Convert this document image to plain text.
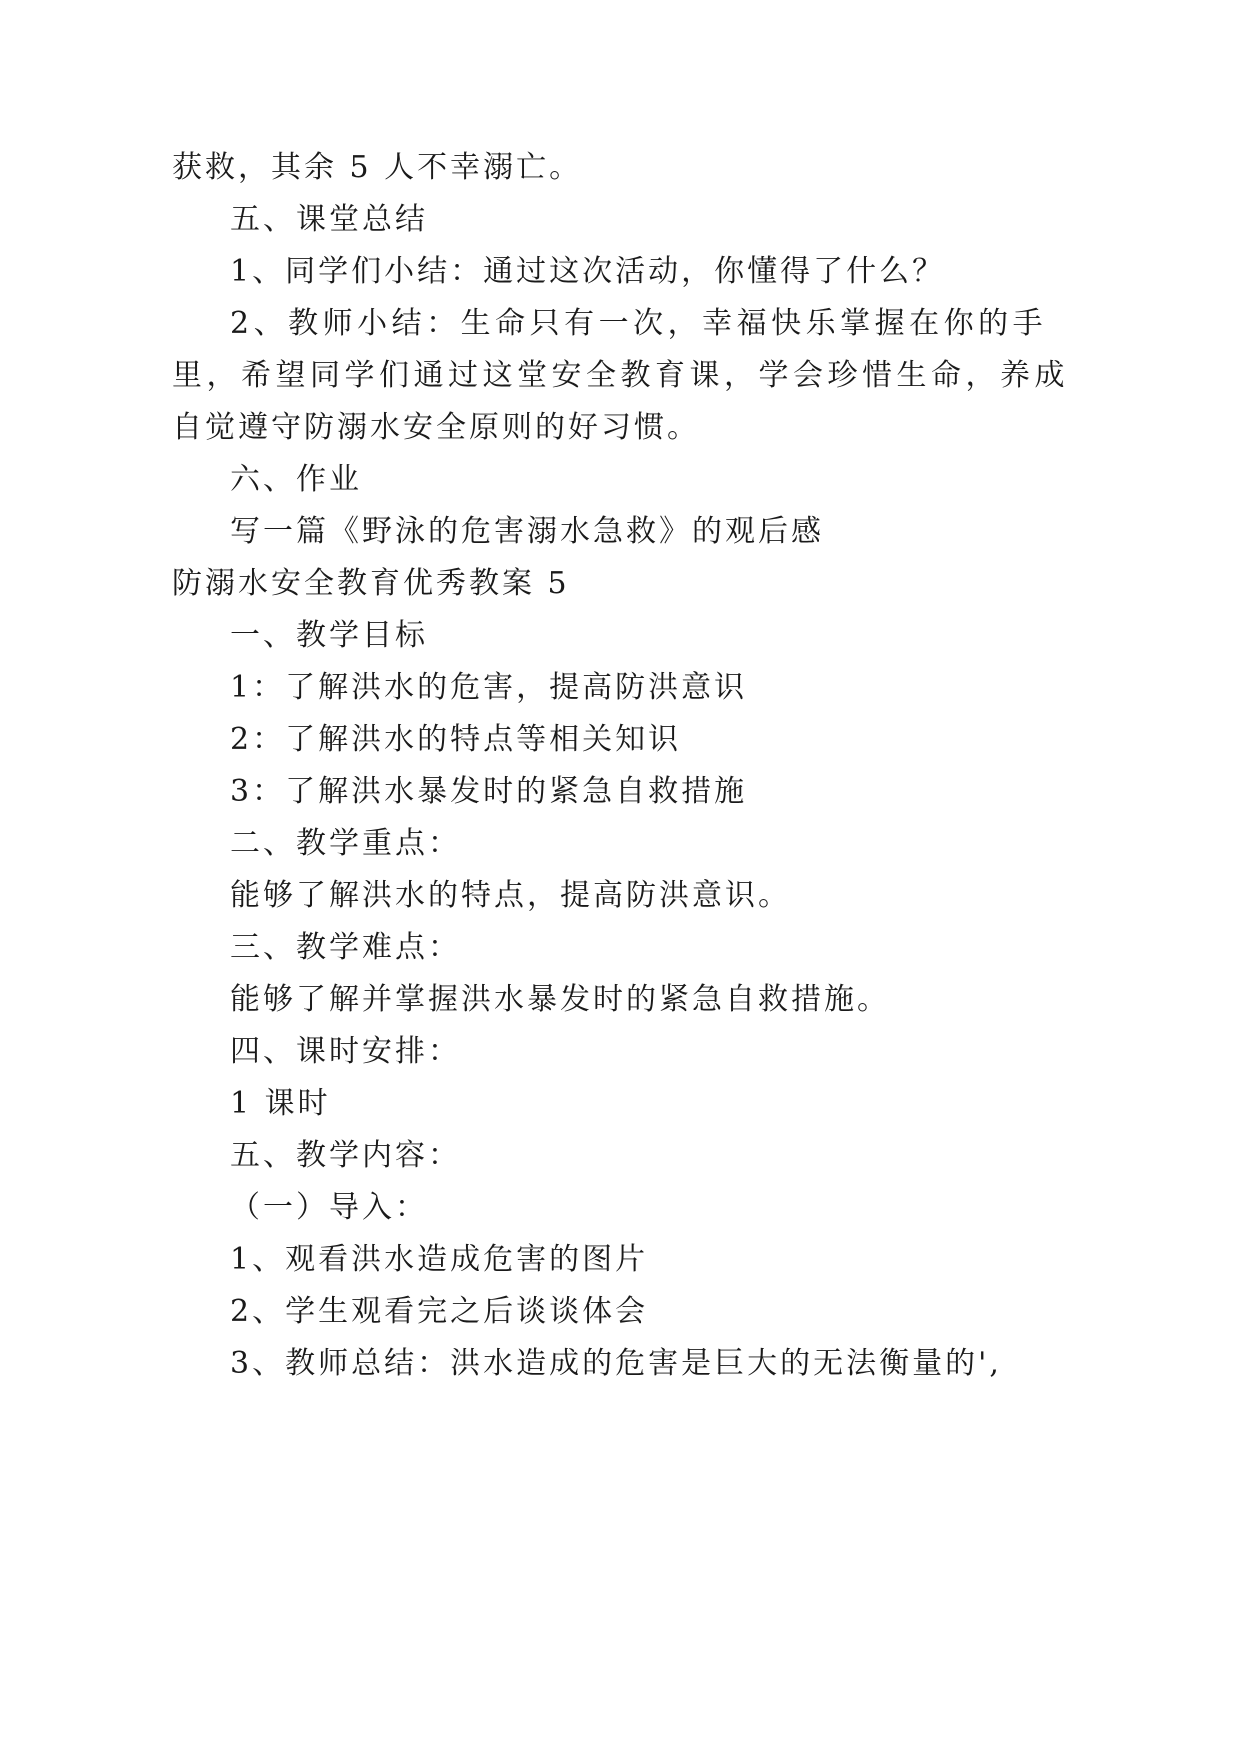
获救，其余 5 人不幸溺亡。
五、课堂总结
1、同学们小结：通过这次活动，你懂得了什么？
2、教师小结：生命只有一次，幸福快乐掌握在你的手
里，希望同学们通过这堂安全教育课，学会珍惜生命，养成
自觉遵守防溺水安全原则的好习惯。
六、作业
写一篇《野泳的危害溺水急救》的观后感
防溺水安全教育优秀教案 5
一、教学目标
1：了解洪水的危害，提高防洪意识
2：了解洪水的特点等相关知识
3：了解洪水暴发时的紧急自救措施
二、教学重点：
能够了解洪水的特点，提高防洪意识。
三、教学难点：
能够了解并掌握洪水暴发时的紧急自救措施。
四、课时安排：
1 课时
五、教学内容：
（一）导入：
1、观看洪水造成危害的图片
2、学生观看完之后谈谈体会
3、教师总结：洪水造成的危害是巨大的无法衡量的',
